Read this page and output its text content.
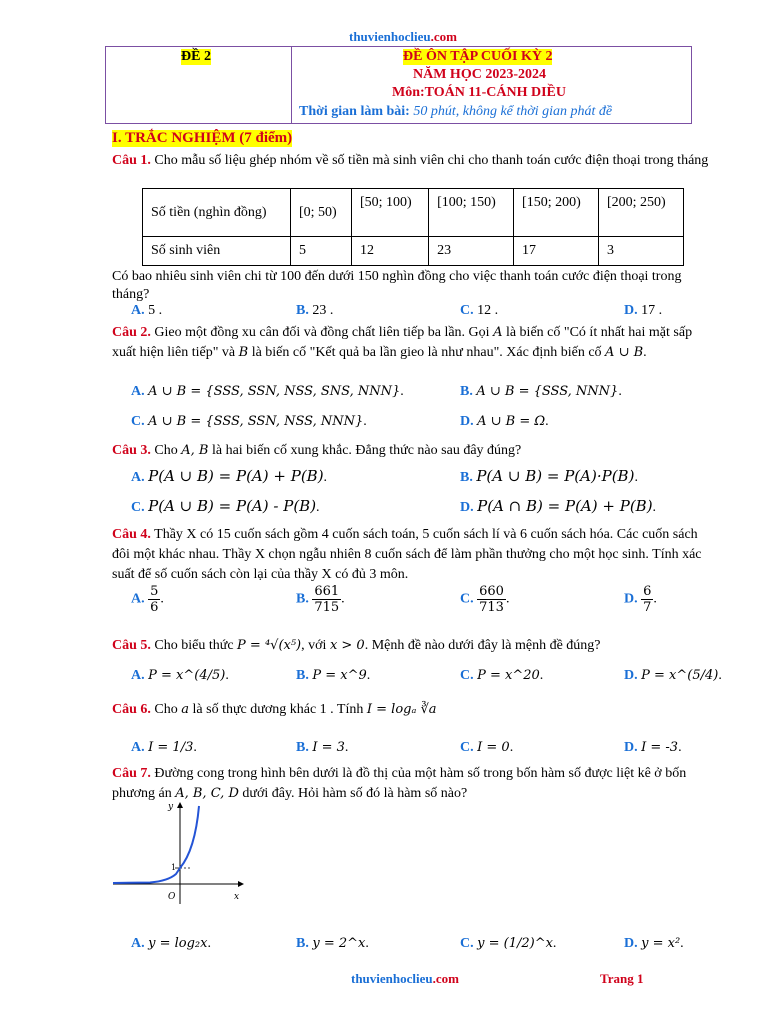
thuvienhoclieu.com
ĐỀ 2	ĐỀ ÔN TẬP CUỐI KỲ 2
NĂM HỌC 2023-2024
Môn:TOÁN 11-CÁNH DIỀU
Thời gian làm bài: 50 phút, không kể thời gian phát đề
I. TRẮC NGHIỆM (7 điểm)
Câu 1. Cho mẫu số liệu ghép nhóm về số tiền mà sinh viên chi cho thanh toán cước điện thoại trong tháng
Số tiền (nghìn đồng)	[0; 50)	[50; 100)	[100; 150)	[150; 200)	[200; 250)
Số sinh viên	5	12	23	17	3
Có bao nhiêu sinh viên chi từ 100 đến dưới 150 nghìn đồng cho việc thanh toán cước điện thoại trong tháng?
A. 5 .	B. 23 .	C. 12 .	D. 17 .
Câu 2. Gieo một đồng xu cân đối và đồng chất liên tiếp ba lần. Gọi A là biến cố "Có ít nhất hai mặt sấp xuất hiện liên tiếp" và B là biến cố "Kết quả ba lần gieo là như nhau". Xác định biến cố A ∪ B.
A. A ∪ B = {SSS, SSN, NSS, SNS, NNN}.	B. A ∪ B = {SSS, NNN}.
C. A ∪ B = {SSS, SSN, NSS, NNN}.	D. A ∪ B = Ω.
Câu 3. Cho A, B là hai biến cố xung khắc. Đẳng thức nào sau đây đúng?
A. P(A ∪ B) = P(A) + P(B).	B. P(A ∪ B) = P(A)·P(B).
C. P(A ∪ B) = P(A) - P(B).	D. P(A ∩ B) = P(A) + P(B).
Câu 4. Thầy X có 15 cuốn sách gồm 4 cuốn sách toán, 5 cuốn sách lí và 6 cuốn sách hóa. Các cuốn sách đôi một khác nhau. Thầy X chọn ngẫu nhiên 8 cuốn sách để làm phần thưởng cho một học sinh. Tính xác suất để số cuốn sách còn lại của thầy X có đủ 3 môn.
A. $\frac{5}{6}$ .	B. $\frac{661}{715}$ .	C. $\frac{660}{713}$ .	D. $\frac{6}{7}$ .
Câu 5. Cho biểu thức P = ⁴√(x⁵), với x > 0. Mệnh đề nào dưới đây là mệnh đề đúng?
A. P = x^(4/5).	B. P = x^9.	C. P = x^20.	D. P = x^(5/4).
Câu 6. Cho a là số thực dương khác 1 . Tính I = logₐ ∛a
A. I = 1/3.	B. I = 3.	C. I = 0.	D. I = -3.
Câu 7. Đường cong trong hình bên dưới là đồ thị của một hàm số trong bốn hàm số được liệt kê ở bốn phương án A, B, C, D dưới đây. Hỏi hàm số đó là hàm số nào?
y
x
O
1
A. y = log₂x.	B. y = 2^x.	C. y = (1/2)^x.	D. y = x².
thuvienhoclieu.com	Trang 1
